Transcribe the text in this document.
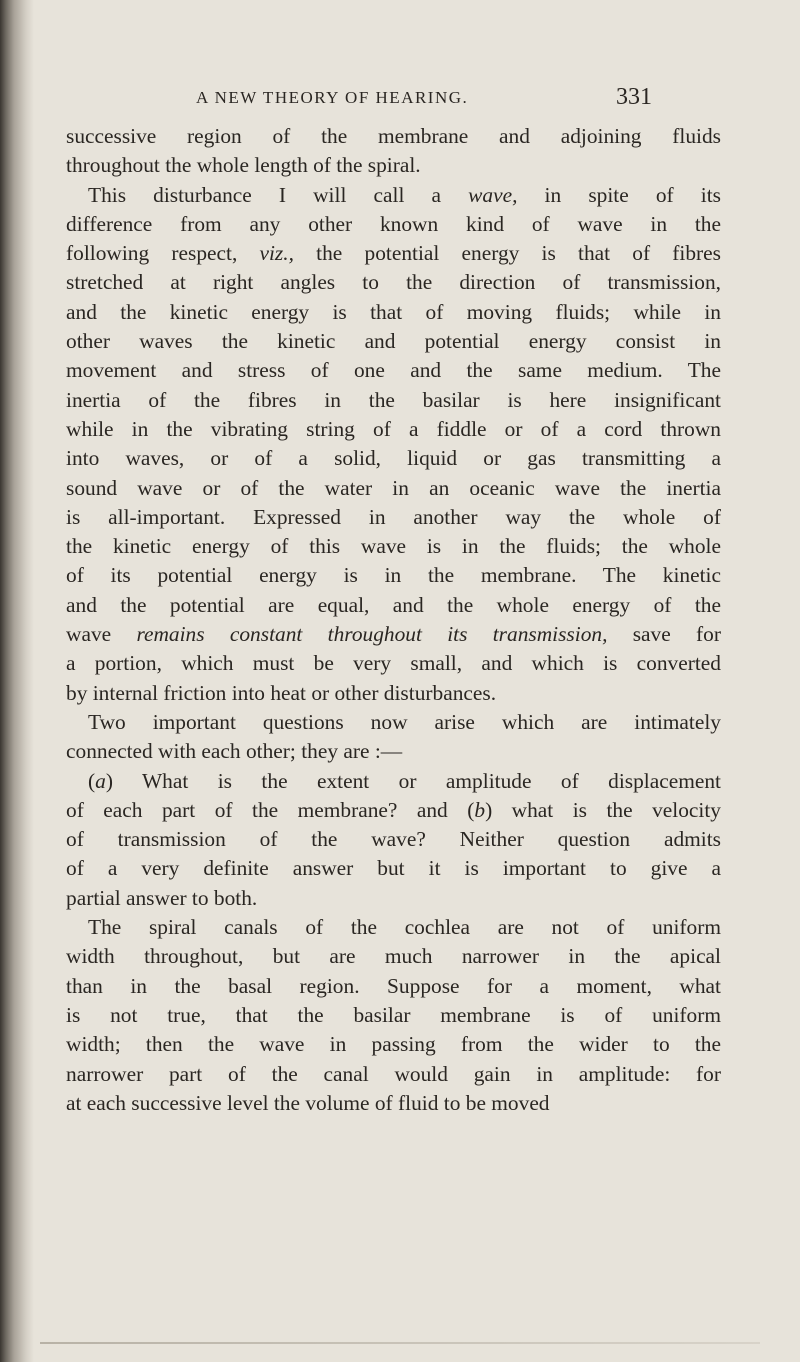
A NEW THEORY OF HEARING.	331
successive region of the membrane and adjoining fluids
throughout the whole length of the spiral.
This disturbance I will call a wave, in spite of its
difference from any other known kind of wave in the
following respect, viz., the potential energy is that of fibres
stretched at right angles to the direction of transmission,
and the kinetic energy is that of moving fluids; while in
other waves the kinetic and potential energy consist in
movement and stress of one and the same medium. The
inertia of the fibres in the basilar is here insignificant
while in the vibrating string of a fiddle or of a cord thrown
into waves, or of a solid, liquid or gas transmitting a
sound wave or of the water in an oceanic wave the inertia
is all-important. Expressed in another way the whole of
the kinetic energy of this wave is in the fluids; the whole
of its potential energy is in the membrane. The kinetic
and the potential are equal, and the whole energy of the
wave remains constant throughout its transmission, save for
a portion, which must be very small, and which is converted
by internal friction into heat or other disturbances.
Two important questions now arise which are intimately
connected with each other; they are :—
(a) What is the extent or amplitude of displacement
of each part of the membrane? and (b) what is the velocity
of transmission of the wave? Neither question admits
of a very definite answer but it is important to give a
partial answer to both.
The spiral canals of the cochlea are not of uniform
width throughout, but are much narrower in the apical
than in the basal region. Suppose for a moment, what
is not true, that the basilar membrane is of uniform
width; then the wave in passing from the wider to the
narrower part of the canal would gain in amplitude: for
at each successive level the volume of fluid to be moved
